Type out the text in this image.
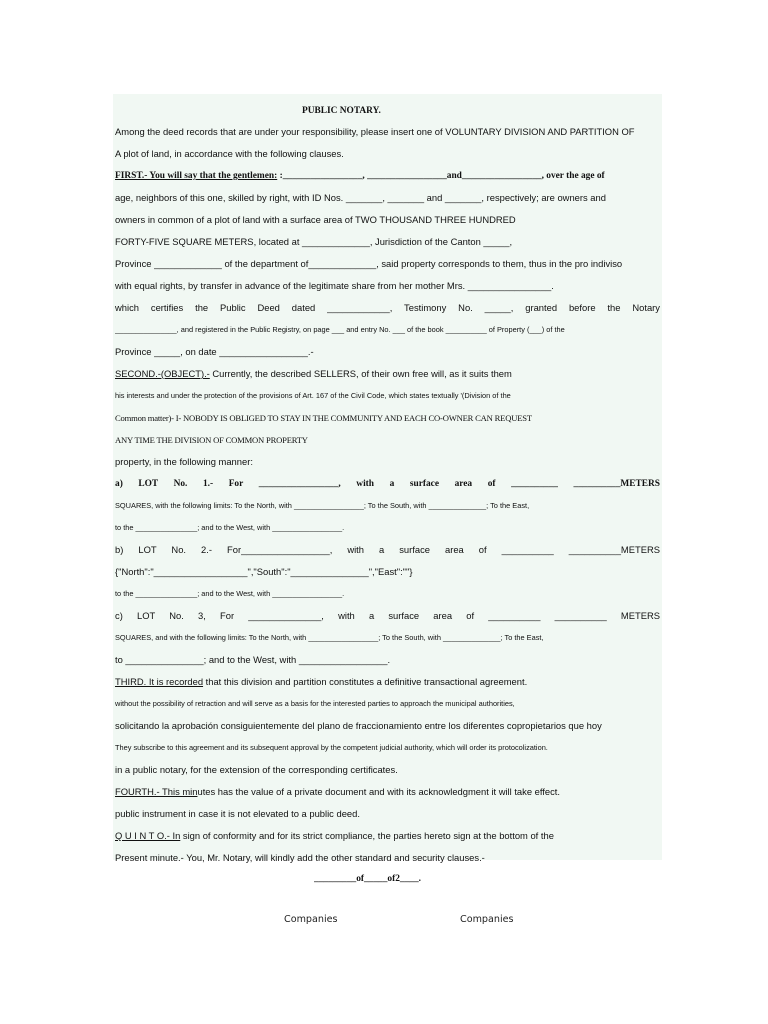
PUBLIC NOTARY.
Among the deed records that are under your responsibility, please insert one of VOLUNTARY DIVISION AND PARTITION OF
A plot of land, in accordance with the following clauses.
FIRST.- You will say that the gentlemen: :_________________, _________________and_________________, over the age of
age, neighbors of this one, skilled by right, with ID Nos. _______, _______ and _______, respectively; are owners and
owners in common of a plot of land with a surface area of TWO THOUSAND THREE HUNDRED
FORTY-FIVE SQUARE METERS, located at _____________, Jurisdiction of the Canton _____,
Province _____________ of the department of_____________, said property corresponds to them, thus in the pro indiviso
with equal rights, by transfer in advance of the legitimate share from her mother Mrs. ________________.
which certifies the Public Deed dated ____________, Testimony No. _____, granted before the Notary
_______________, and registered in the Public Registry, on page ___ and entry No. ___ of the book __________ of Property (___) of the
Province _____, on date _________________.-
SECOND.-(OBJECT).- Currently, the described SELLERS, of their own free will, as it suits them
his interests and under the protection of the provisions of Art. 167 of the Civil Code, which states textually '(Division of the
Common matter)- I- NOBODY IS OBLIGED TO STAY IN THE COMMUNITY AND EACH CO-OWNER CAN REQUEST
ANY TIME THE DIVISION OF COMMON PROPERTY
property, in the following manner:
a) LOT No. 1.- For _________________, with a surface area of __________ __________METERS
SQUARES, with the following limits: To the North, with _________________; To the South, with ______________; To the East,
to the _______________; and to the West, with _________________.
b) LOT No. 2.- For_________________, with a surface area of __________ __________METERS
{"North":"__________________","South":"_______________","East":""}
to the _______________; and to the West, with _________________.
c) LOT No. 3, For ______________, with a surface area of __________ __________ METERS
SQUARES, and with the following limits: To the North, with _________________; To the South, with ______________; To the East,
to _______________; and to the West, with _________________.
THIRD. It is recorded that this division and partition constitutes a definitive transactional agreement.
without the possibility of retraction and will serve as a basis for the interested parties to approach the municipal authorities,
solicitando la aprobación consiguientemente del plano de fraccionamiento entre los diferentes copropietarios que hoy
They subscribe to this agreement and its subsequent approval by the competent judicial authority, which will order its protocolization.
in a public notary, for the extension of the corresponding certificates.
FOURTH.- This minutes has the value of a private document and with its acknowledgment it will take effect.
public instrument in case it is not elevated to a public deed.
Q U I N T O.- In sign of conformity and for its strict compliance, the parties hereto sign at the bottom of the
Present minute.- You, Mr. Notary, will kindly add the other standard and security clauses.-
_________of_____of2____.
Companies	Companies
